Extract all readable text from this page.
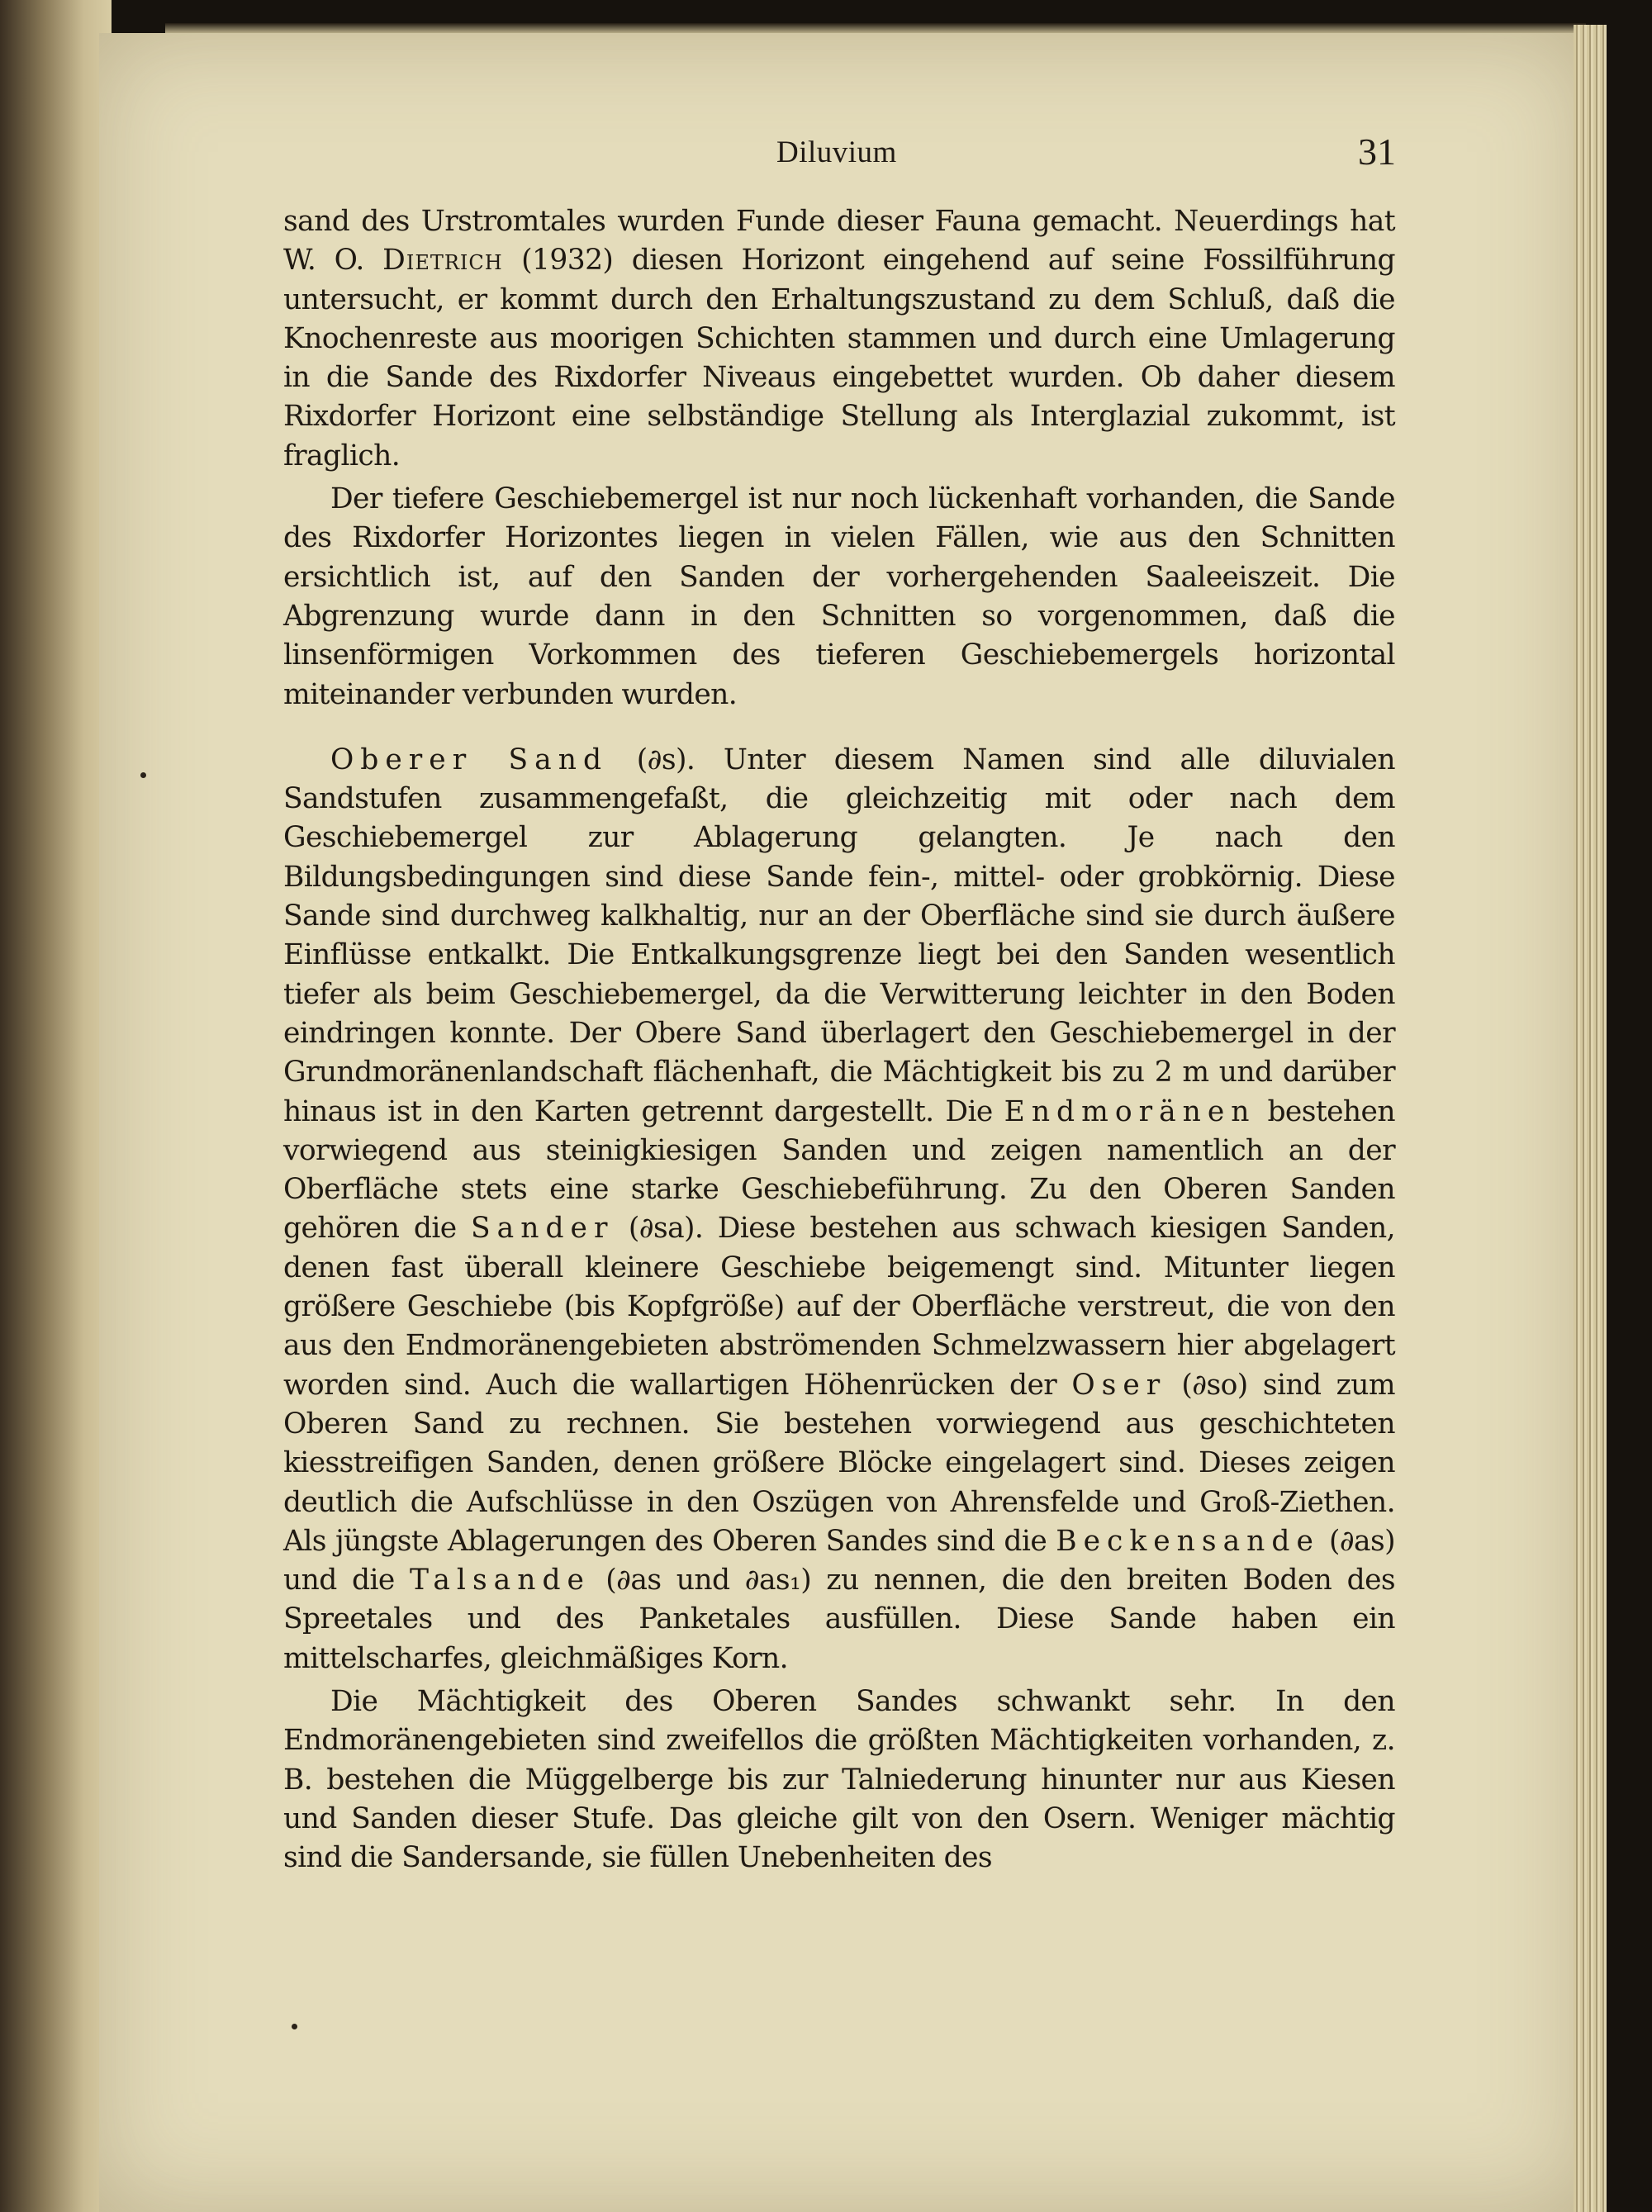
Diluvium	31

sand des Urstromtales wurden Funde dieser Fauna gemacht. Neuerdings hat W. O. Dietrich (1932) diesen Horizont eingehend auf seine Fossilführung untersucht, er kommt durch den Erhaltungszustand zu dem Schluß, daß die Knochenreste aus moorigen Schichten stammen und durch eine Umlagerung in die Sande des Rixdorfer Niveaus eingebettet wurden. Ob daher diesem Rixdorfer Horizont eine selbständige Stellung als Interglazial zukommt, ist fraglich.

Der tiefere Geschiebemergel ist nur noch lückenhaft vorhanden, die Sande des Rixdorfer Horizontes liegen in vielen Fällen, wie aus den Schnitten ersichtlich ist, auf den Sanden der vorhergehenden Saaleeiszeit. Die Abgrenzung wurde dann in den Schnitten so vorgenommen, daß die linsenförmigen Vorkommen des tieferen Geschiebemergels horizontal miteinander verbunden wurden.

Oberer Sand (∂s). Unter diesem Namen sind alle diluvialen Sandstufen zusammengefaßt, die gleichzeitig mit oder nach dem Geschiebemergel zur Ablagerung gelangten. Je nach den Bildungsbedingungen sind diese Sande fein-, mittel- oder grobkörnig. Diese Sande sind durchweg kalkhaltig, nur an der Oberfläche sind sie durch äußere Einflüsse entkalkt. Die Entkalkungsgrenze liegt bei den Sanden wesentlich tiefer als beim Geschiebemergel, da die Verwitterung leichter in den Boden eindringen konnte. Der Obere Sand überlagert den Geschiebemergel in der Grundmoränenlandschaft flächenhaft, die Mächtigkeit bis zu 2 m und darüber hinaus ist in den Karten getrennt dargestellt. Die Endmoränen bestehen vorwiegend aus steinigkiesigen Sanden und zeigen namentlich an der Oberfläche stets eine starke Geschiebeführung. Zu den Oberen Sanden gehören die Sander (∂sa). Diese bestehen aus schwach kiesigen Sanden, denen fast überall kleinere Geschiebe beigemengt sind. Mitunter liegen größere Geschiebe (bis Kopfgröße) auf der Oberfläche verstreut, die von den aus den Endmoränengebieten abströmenden Schmelzwassern hier abgelagert worden sind. Auch die wallartigen Höhenrücken der Oser (∂so) sind zum Oberen Sand zu rechnen. Sie bestehen vorwiegend aus geschichteten kiesstreifigen Sanden, denen größere Blöcke eingelagert sind. Dieses zeigen deutlich die Aufschlüsse in den Oszügen von Ahrensfelde und Groß-Ziethen. Als jüngste Ablagerungen des Oberen Sandes sind die Beckensande (∂as) und die Talsande (∂as und ∂as₁) zu nennen, die den breiten Boden des Spreetales und des Panketales ausfüllen. Diese Sande haben ein mittelscharfes, gleichmäßiges Korn.

Die Mächtigkeit des Oberen Sandes schwankt sehr. In den Endmoränengebieten sind zweifellos die größten Mächtigkeiten vorhanden, z. B. bestehen die Müggelberge bis zur Talniederung hinunter nur aus Kiesen und Sanden dieser Stufe. Das gleiche gilt von den Osern. Weniger mächtig sind die Sandersande, sie füllen Unebenheiten des
